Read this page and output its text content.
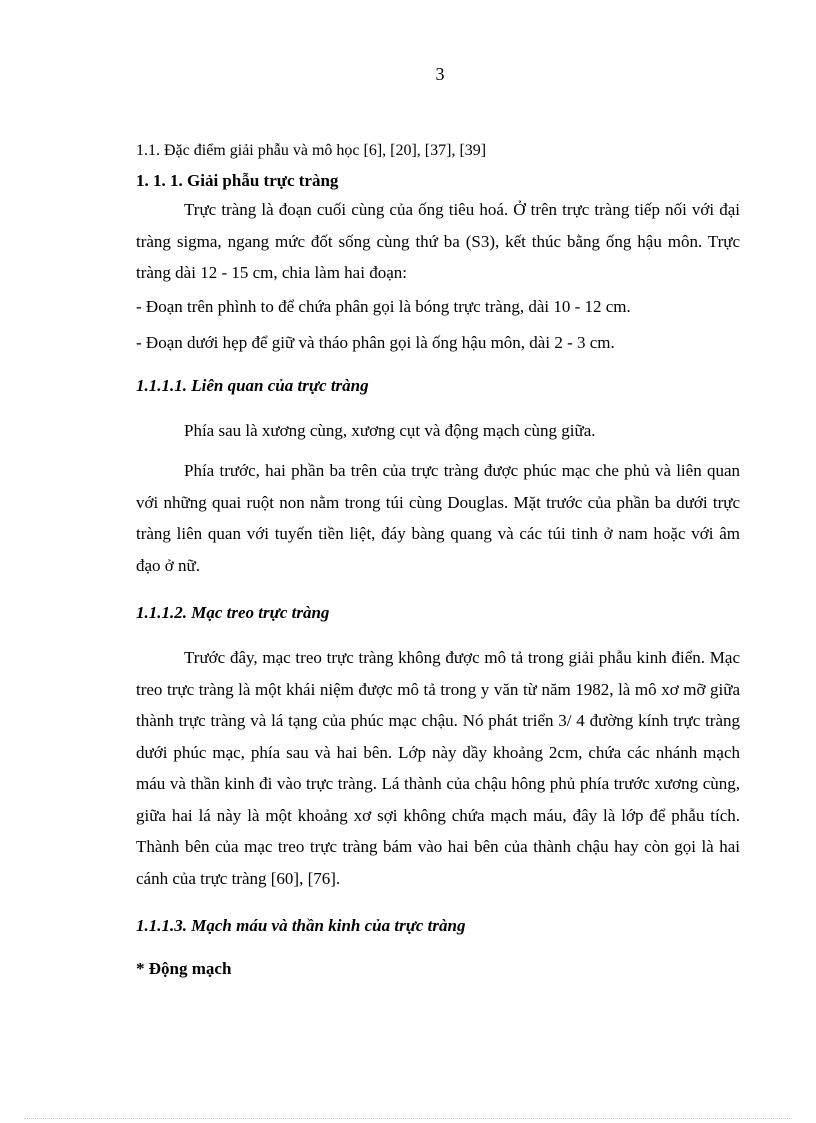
3

1.1. Đặc điểm giải phẫu và mô học [6], [20], [37], [39]

1. 1. 1. Giải phẫu trực tràng

Trực tràng là đoạn cuối cùng của ống tiêu hoá. Ở trên trực tràng tiếp nối với đại tràng sigma, ngang mức đốt sống cùng thứ ba (S3), kết thúc bằng ống hậu môn. Trực tràng dài 12 - 15 cm, chia làm hai đoạn:

- Đoạn trên phình to để chứa phân gọi là bóng trực tràng, dài 10 - 12 cm.

- Đoạn dưới hẹp để giữ và tháo phân gọi là ống hậu môn, dài 2 - 3 cm.

1.1.1.1. Liên quan của trực tràng

Phía sau là xương cùng, xương cụt và động mạch cùng giữa.

Phía trước, hai phần ba trên của trực tràng được phúc mạc che phủ và liên quan với những quai ruột non nằm trong túi cùng Douglas. Mặt trước của phần ba dưới trực tràng liên quan với tuyến tiền liệt, đáy bàng quang và các túi tinh ở nam hoặc với âm đạo ở nữ.

1.1.1.2. Mạc treo trực tràng

Trước đây, mạc treo trực tràng không được mô tả trong giải phẫu kinh điển. Mạc treo trực tràng là một khái niệm được mô tả trong y văn từ năm 1982, là mô xơ mỡ giữa thành trực tràng và lá tạng của phúc mạc chậu. Nó phát triển 3/ 4 đường kính trực tràng dưới phúc mạc, phía sau và hai bên. Lớp này dầy khoảng 2cm, chứa các nhánh mạch máu và thần kinh đi vào trực tràng. Lá thành của chậu hông phủ phía trước xương cùng, giữa hai lá này là một khoảng xơ sợi không chứa mạch máu, đây là lớp để phẫu tích. Thành bên của mạc treo trực tràng bám vào hai bên của thành chậu hay còn gọi là hai cánh của trực tràng [60], [76].

1.1.1.3. Mạch máu và thần kinh của trực tràng

* Động mạch
